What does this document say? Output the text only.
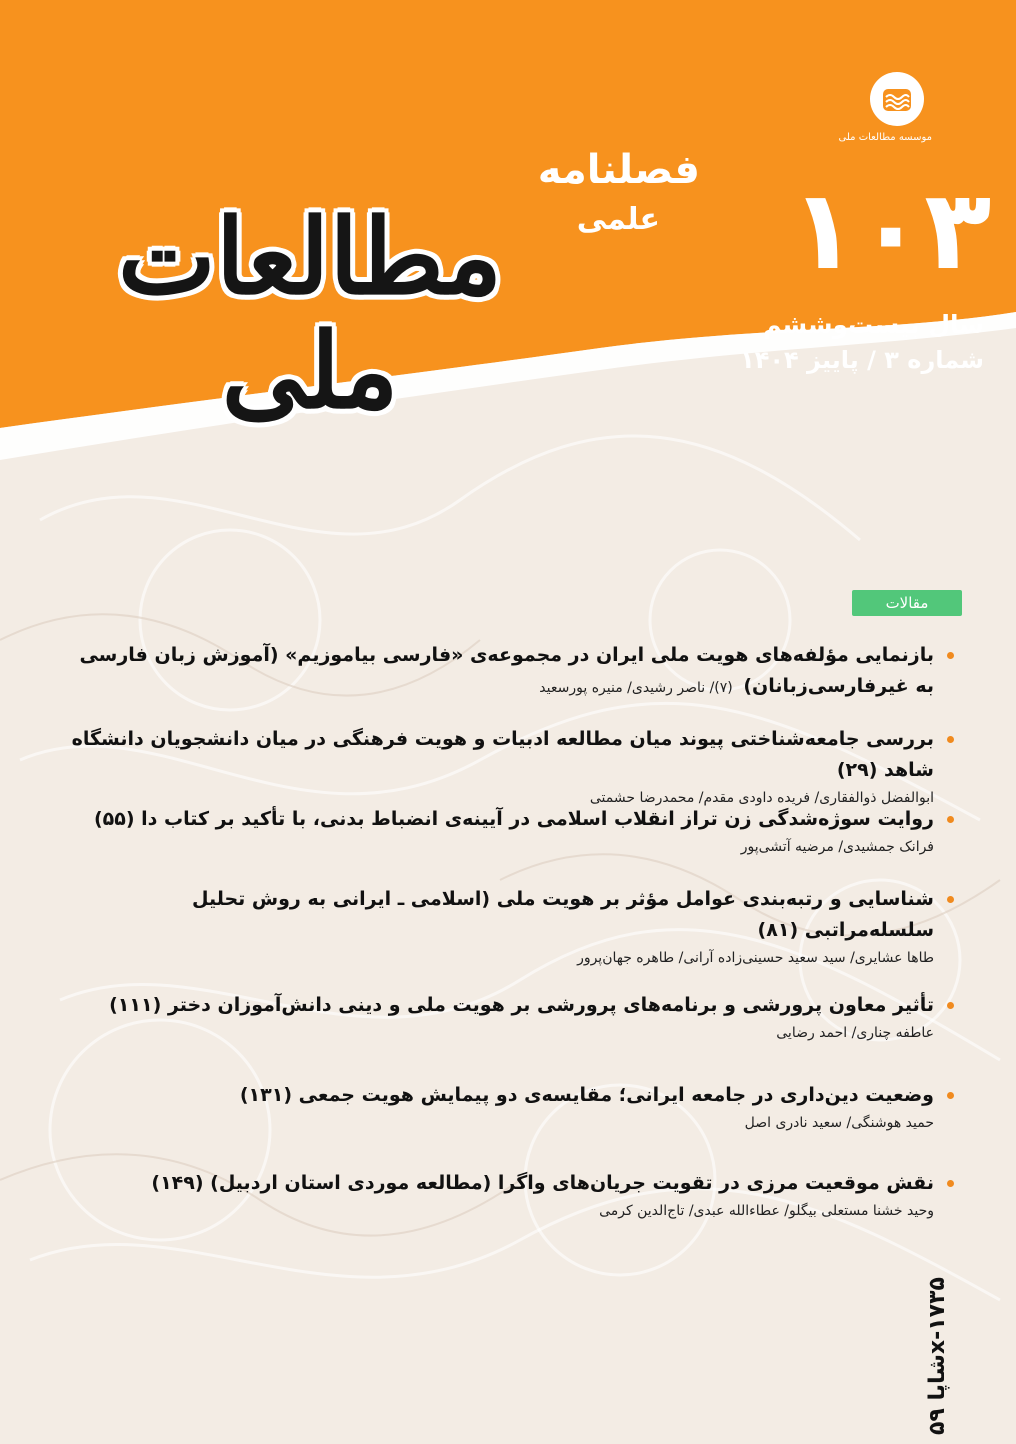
موسسه مطالعات ملی
فصلنامه
علمی ۱۰۳
مطالعات ملی	سال بیست‌وششم
شماره ۳ / پاییز ۱۴۰۴
مقالات
بازنمایی مؤلفه‌های هویت ملی ایران در مجموعه‌ی «فارسی بیاموزیم» (آموزش زبان فارسی
به غیرفارسی‌زبانان) (۷)/ ناصر رشیدی/ منیره پورسعید
بررسی جامعه‌شناختی پیوند میان مطالعه ادبیات و هویت فرهنگی در میان دانشجویان دانشگاه شاهد (۲۹)
ابوالفضل ذوالفقاری/ فریده داودی مقدم/ محمدرضا حشمتی
روایت سوژه‌شدگی زن تراز انقلاب اسلامی در آیینه‌ی انضباط بدنی، با تأکید بر کتاب دا (۵۵)
فرانک جمشیدی/ مرضیه آتشی‌پور
شناسایی و رتبه‌بندی عوامل مؤثر بر هویت ملی (اسلامی ـ ایرانی به روش تحلیل سلسله‌مراتبی (۸۱)
طاها عشایری/ سید سعید حسینی‌زاده آرانی/ طاهره جهان‌پرور
تأثیر معاون پرورشی و برنامه‌های پرورشی بر هویت ملی و دینی دانش‌آموزان دختر (۱۱۱)
عاطفه چناری/ احمد رضایی
وضعیت دین‌داری در جامعه ایرانی؛ مقایسه‌ی دو پیمایش هویت جمعی (۱۳۱)
حمید هوشنگی/ سعید نادری اصل
نقش موقعیت مرزی در تقویت جریان‌های واگرا (مطالعه موردی استان اردبیل) (۱۴۹)
وحید خشنا مستعلی بیگلو/ عطاءالله عبدی/ تاج‌الدین کرمی
شاپا ۵۹x-۱۷۳۵
